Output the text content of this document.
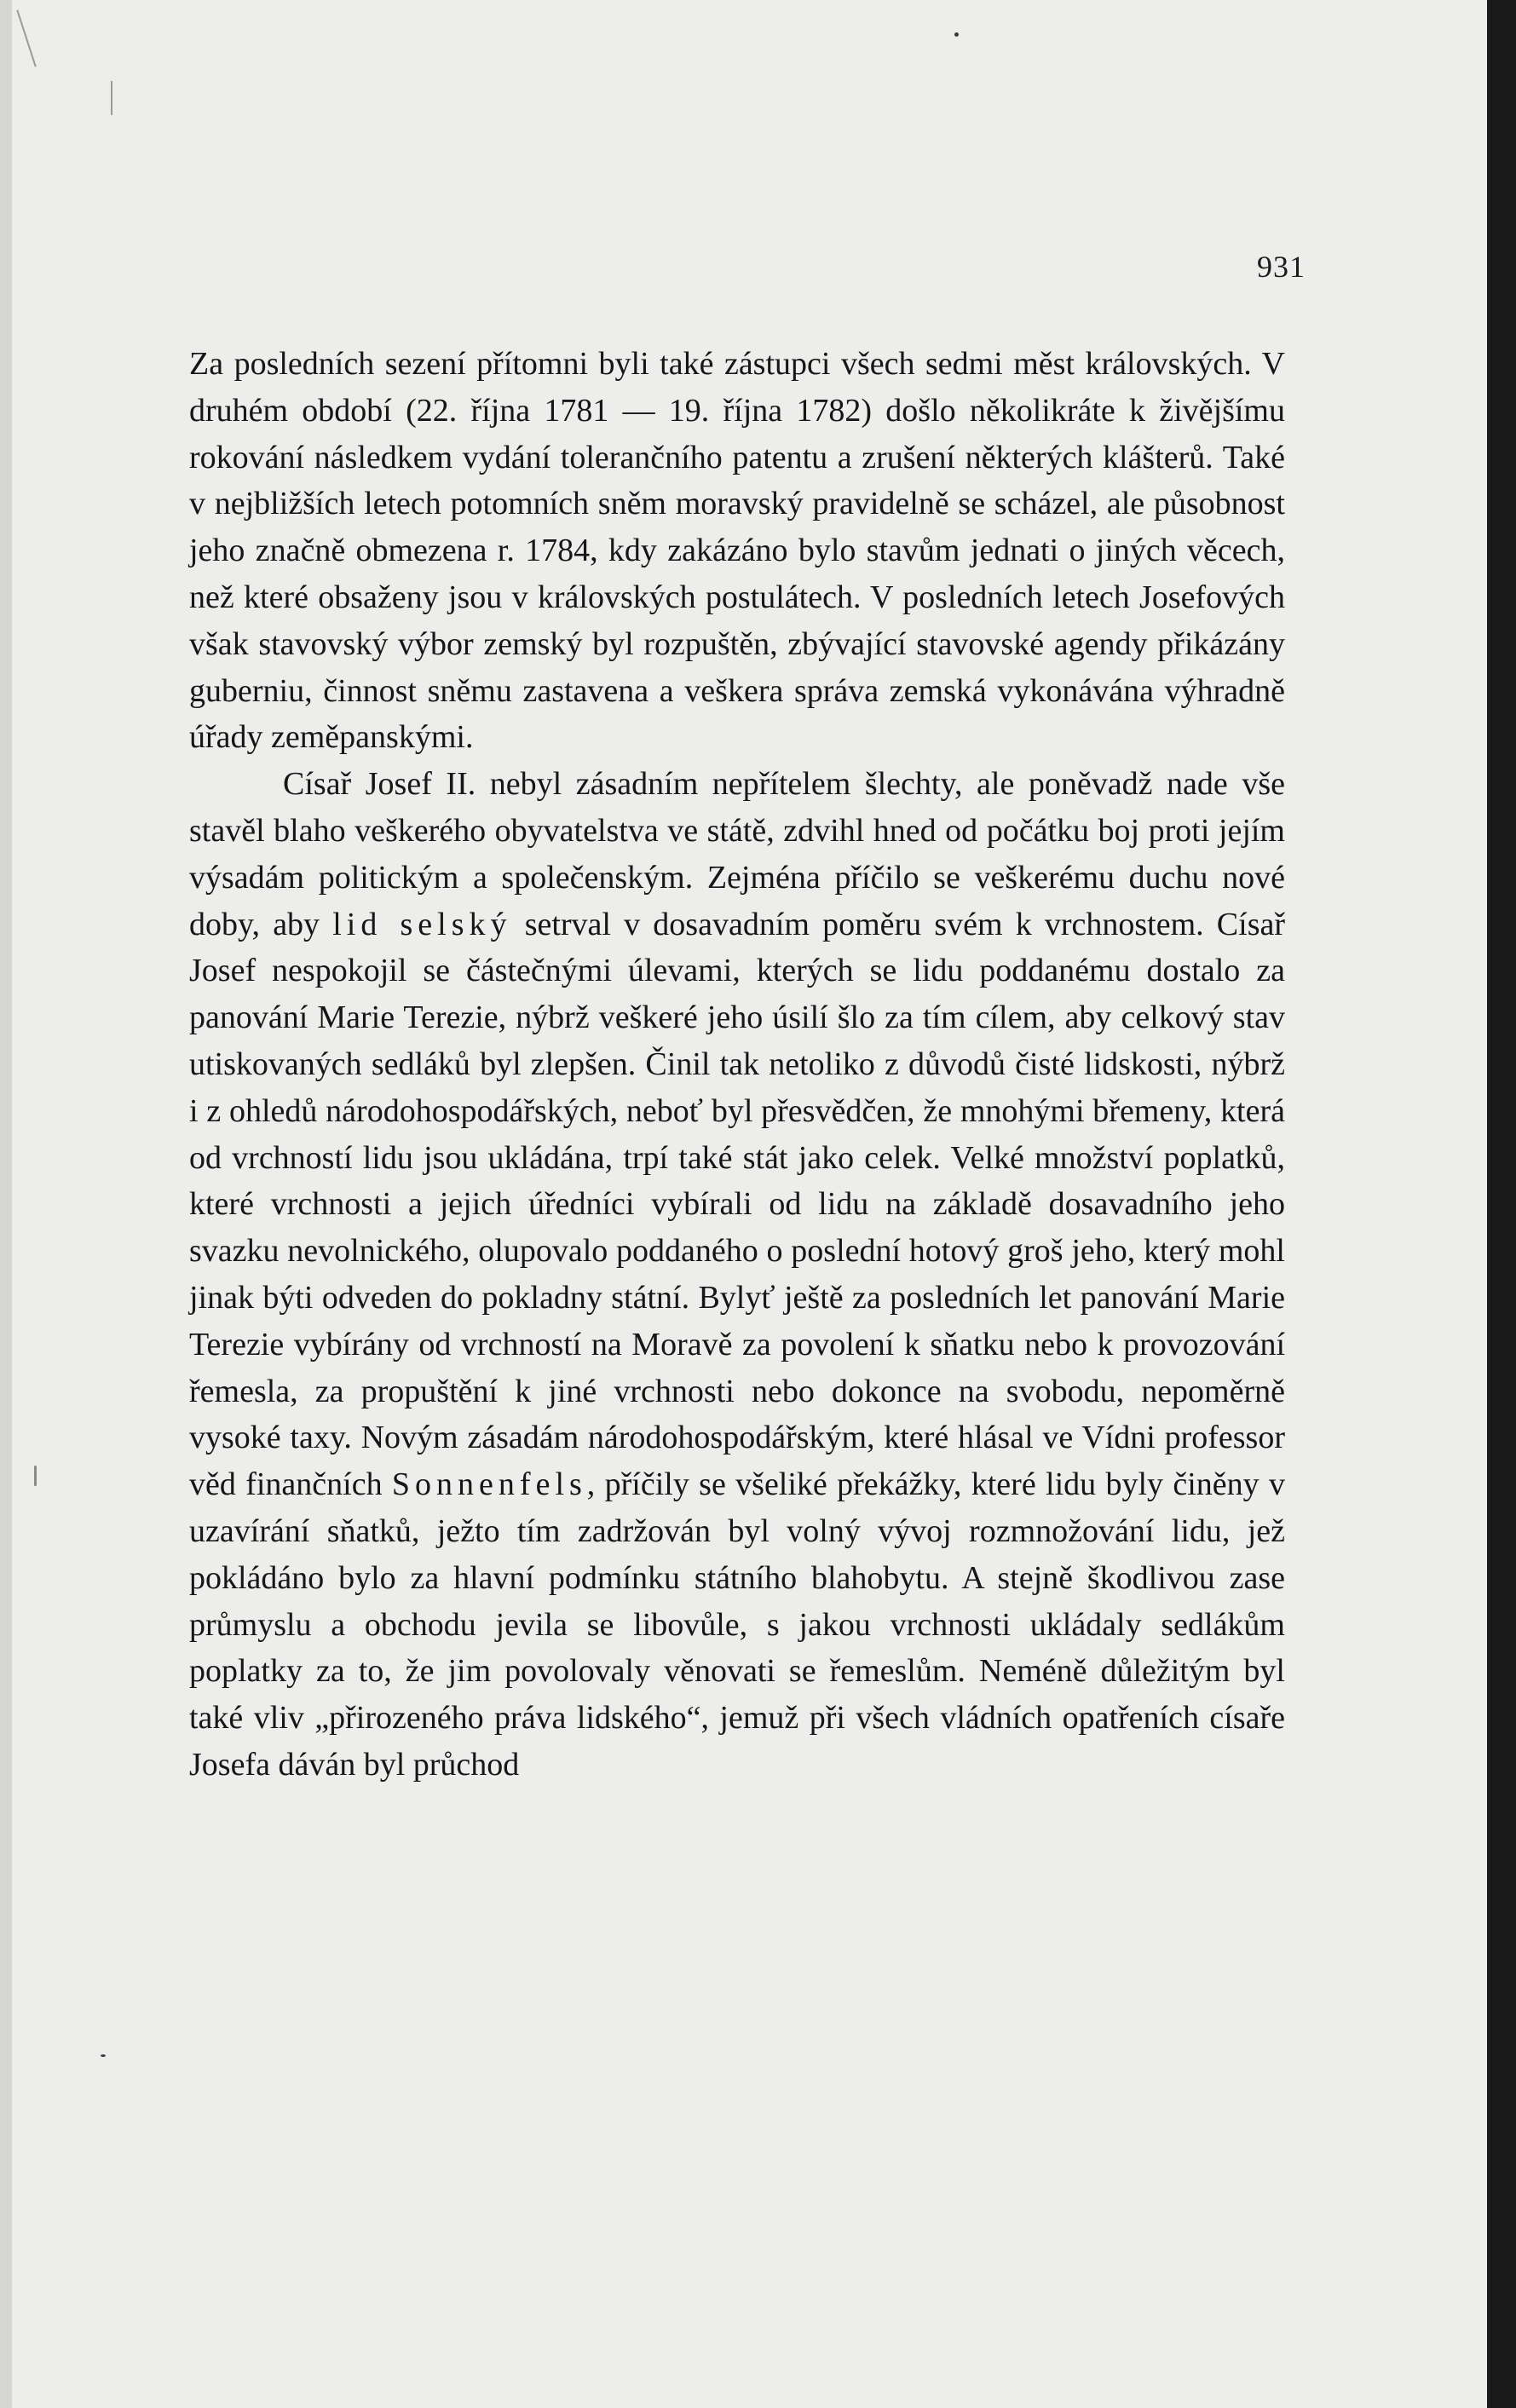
931

Za posledních sezení přítomni byli také zástupci všech sedmi měst královských. V druhém období (22. října 1781 — 19. října 1782) došlo několikráte k živějšímu rokování následkem vydání tolerančního patentu a zrušení některých klášterů. Také v nejbližších letech potomních sněm moravský pravidelně se scházel, ale působnost jeho značně obmezena r. 1784, kdy zakázáno bylo stavům jednati o jiných věcech, než které obsaženy jsou v královských postulátech. V posledních letech Josefových však stavovský výbor zemský byl rozpuštěn, zbývající stavovské agendy přikázány guberniu, činnost sněmu zastavena a veškera správa zemská vykonávána výhradně úřady zeměpanskými.

Císař Josef II. nebyl zásadním nepřítelem šlechty, ale poněvadž nade vše stavěl blaho veškerého obyvatelstva ve státě, zdvihl hned od počátku boj proti jejím výsadám politickým a společenským. Zejména příčilo se veškerému duchu nové doby, aby lid selský setrval v dosavadním poměru svém k vrchnostem. Císař Josef nespokojil se částečnými úlevami, kterých se lidu poddanému dostalo za panování Marie Terezie, nýbrž veškeré jeho úsilí šlo za tím cílem, aby celkový stav utiskovaných sedláků byl zlepšen. Činil tak netoliko z důvodů čisté lidskosti, nýbrž i z ohledů národohospodářských, neboť byl přesvědčen, že mnohými břemeny, která od vrchností lidu jsou ukládána, trpí také stát jako celek. Velké množství poplatků, které vrchnosti a jejich úředníci vybírali od lidu na základě dosavadního jeho svazku nevolnického, olupovalo poddaného o poslední hotový groš jeho, který mohl jinak býti odveden do pokladny státní. Bylyť ještě za posledních let panování Marie Terezie vybírány od vrchností na Moravě za povolení k sňatku nebo k provozování řemesla, za propuštění k jiné vrchnosti nebo dokonce na svobodu, nepoměrně vysoké taxy. Novým zásadám národohospodářským, které hlásal ve Vídni professor věd finančních Sonnenfels, příčily se všeliké překážky, které lidu byly činěny v uzavírání sňatků, ježto tím zadržován byl volný vývoj rozmnožování lidu, jež pokládáno bylo za hlavní podmínku státního blahobytu. A stejně škodlivou zase průmyslu a obchodu jevila se libovůle, s jakou vrchnosti ukládaly sedlákům poplatky za to, že jim povolovaly věnovati se řemeslům. Neméně důležitým byl také vliv „přirozeného práva lidského“, jemuž při všech vládních opatřeních císaře Josefa dáván byl průchod
